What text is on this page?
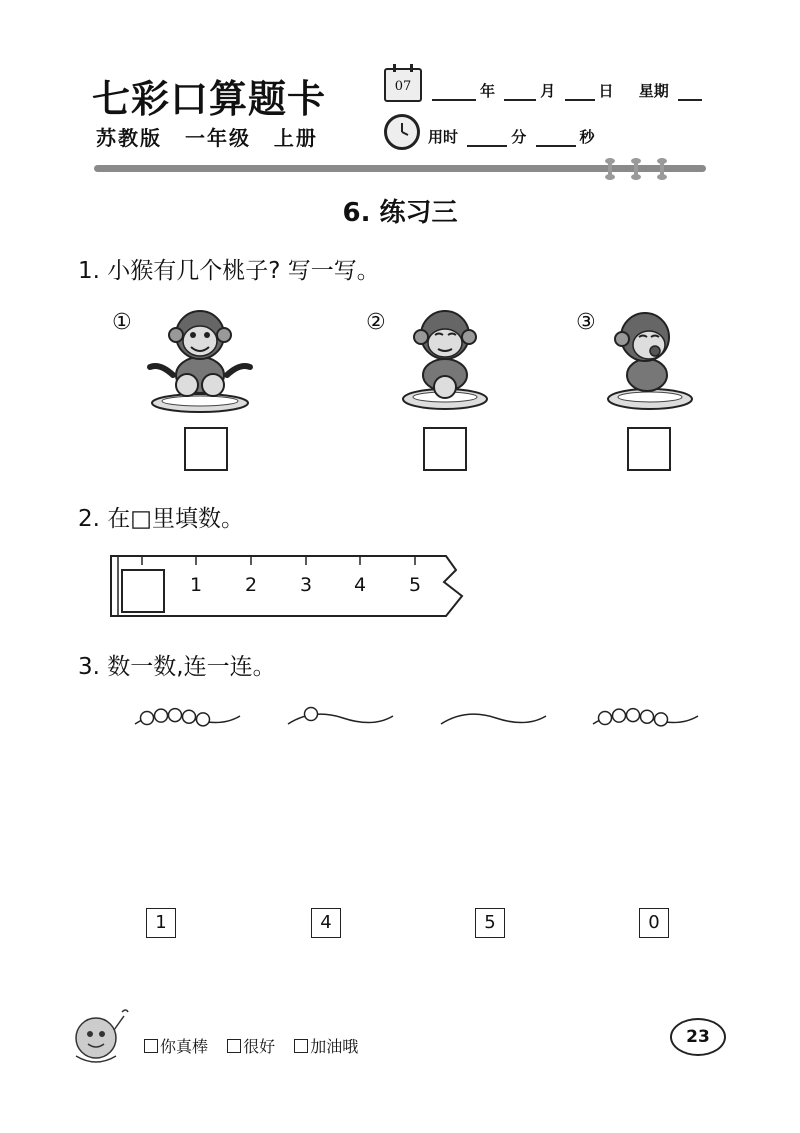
七彩口算题卡
苏教版 一年级 上册
07	年	月	日 星期
用时	分	秒
6. 练习三
1. 小猴有几个桃子? 写一写。
①	②	③
2. 在□里填数。
1 2 3 4 5
3. 数一数,连一连。
1	4	5	0
你真棒 很好 加油哦	23
